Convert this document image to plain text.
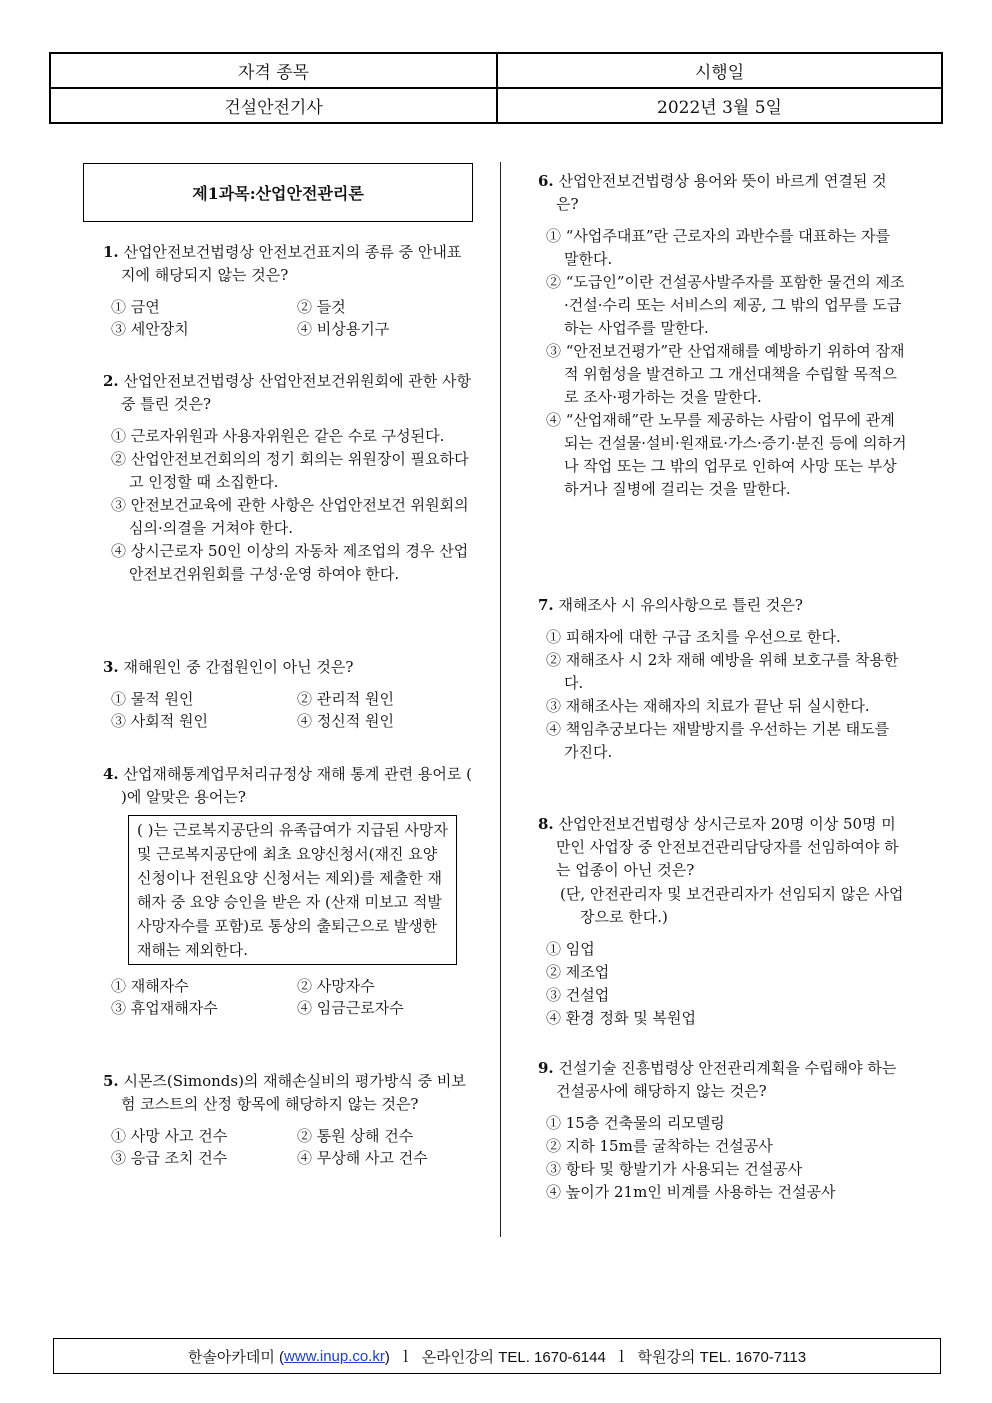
자격 종목	시행일
건설안전기사	2022년 3월 5일
제1과목:산업안전관리론
1. 산업안전보건법령상 안전보건표지의 종류 중 안내표지에 해당되지 않는 것은?
① 금연	② 들것
③ 세안장치	④ 비상용기구
2. 산업안전보건법령상 산업안전보건위원회에 관한 사항 중 틀린 것은?
① 근로자위원과 사용자위원은 같은 수로 구성된다.
② 산업안전보건회의의 정기 회의는 위원장이 필요하다고 인정할 때 소집한다.
③ 안전보건교육에 관한 사항은 산업안전보건 위원회의 심의·의결을 거쳐야 한다.
④ 상시근로자 50인 이상의 자동차 제조업의 경우 산업안전보건위원회를 구성·운영 하여야 한다.
3. 재해원인 중 간접원인이 아닌 것은?
① 물적 원인	② 관리적 원인
③ 사회적 원인	④ 정신적 원인
4. 산업재해통계업무처리규정상 재해 통계 관련 용어로 ( )에 알맞은 용어는?
( )는 근로복지공단의 유족급여가 지급된 사망자 및 근로복지공단에 최초 요양신청서(재진 요양신청이나 전원요양 신청서는 제외)를 제출한 재해자 중 요양 승인을 받은 자 (산재 미보고 적발 사망자수를 포함)로 통상의 출퇴근으로 발생한 재해는 제외한다.
① 재해자수	② 사망자수
③ 휴업재해자수	④ 임금근로자수
5. 시몬즈(Simonds)의 재해손실비의 평가방식 중 비보험 코스트의 산정 항목에 해당하지 않는 것은?
① 사망 사고 건수	② 통원 상해 건수
③ 응급 조치 건수	④ 무상해 사고 건수
6. 산업안전보건법령상 용어와 뜻이 바르게 연결된 것은?
① “사업주대표”란 근로자의 과반수를 대표하는 자를 말한다.
② “도급인”이란 건설공사발주자를 포함한 물건의 제조·건설·수리 또는 서비스의 제공, 그 밖의 업무를 도급하는 사업주를 말한다.
③ “안전보건평가”란 산업재해를 예방하기 위하여 잠재적 위험성을 발견하고 그 개선대책을 수립할 목적으로 조사·평가하는 것을 말한다.
④ “산업재해”란 노무를 제공하는 사람이 업무에 관계되는 건설물·설비·원재료·가스·증기·분진 등에 의하거나 작업 또는 그 밖의 업무로 인하여 사망 또는 부상하거나 질병에 걸리는 것을 말한다.
7. 재해조사 시 유의사항으로 틀린 것은?
① 피해자에 대한 구급 조치를 우선으로 한다.
② 재해조사 시 2차 재해 예방을 위해 보호구를 착용한다.
③ 재해조사는 재해자의 치료가 끝난 뒤 실시한다.
④ 책임추궁보다는 재발방지를 우선하는 기본 태도를 가진다.
8. 산업안전보건법령상 상시근로자 20명 이상 50명 미만인 사업장 중 안전보건관리담당자를 선임하여야 하는 업종이 아닌 것은?
(단, 안전관리자 및 보건관리자가 선임되지 않은 사업장으로 한다.)
① 임업
② 제조업
③ 건설업
④ 환경 정화 및 복원업
9. 건설기술 진흥법령상 안전관리계획을 수립해야 하는 건설공사에 해당하지 않는 것은?
① 15층 건축물의 리모델링
② 지하 15m를 굴착하는 건설공사
③ 항타 및 항발기가 사용되는 건설공사
④ 높이가 21m인 비계를 사용하는 건설공사
한솔아카데미 ( www.inup.co.kr )  ｌ  온라인강의 TEL. 1670-6144  ｌ  학원강의 TEL. 1670-7113
